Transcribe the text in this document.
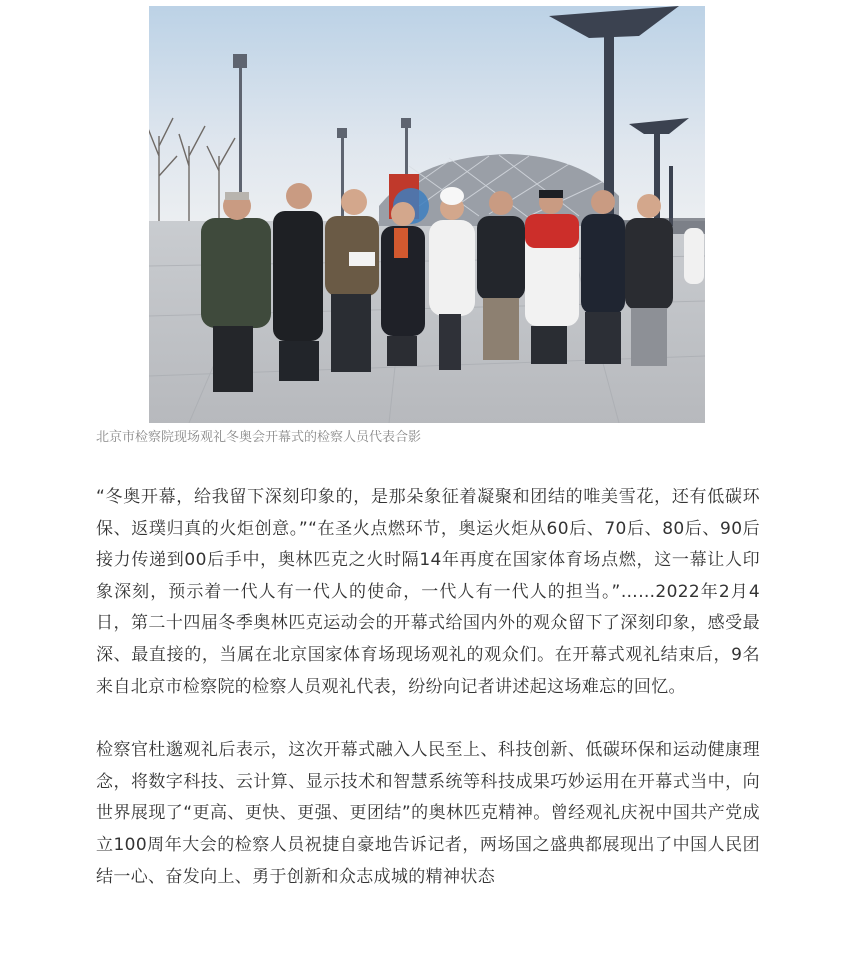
北京市检察院现场观礼冬奥会开幕式的检察人员代表合影

“冬奥开幕，给我留下深刻印象的，是那朵象征着凝聚和团结的唯美雪花，还有低碳环保、返璞归真的火炬创意。”“在圣火点燃环节，奥运火炬从60后、70后、80后、90后接力传递到00后手中，奥林匹克之火时隔14年再度在国家体育场点燃，这一幕让人印象深刻，预示着一代人有一代人的使命，一代人有一代人的担当。”……2022年2月4日，第二十四届冬季奥林匹克运动会的开幕式给国内外的观众留下了深刻印象，感受最深、最直接的，当属在北京国家体育场现场观礼的观众们。在开幕式观礼结束后，9名来自北京市检察院的检察人员观礼代表，纷纷向记者讲述起这场难忘的回忆。

检察官杜邈观礼后表示，这次开幕式融入人民至上、科技创新、低碳环保和运动健康理念，将数字科技、云计算、显示技术和智慧系统等科技成果巧妙运用在开幕式当中，向世界展现了“更高、更快、更强、更团结”的奥林匹克精神。曾经观礼庆祝中国共产党成立100周年大会的检察人员祝捷自豪地告诉记者，两场国之盛典都展现出了中国人民团结一心、奋发向上、勇于创新和众志成城的精神状态
